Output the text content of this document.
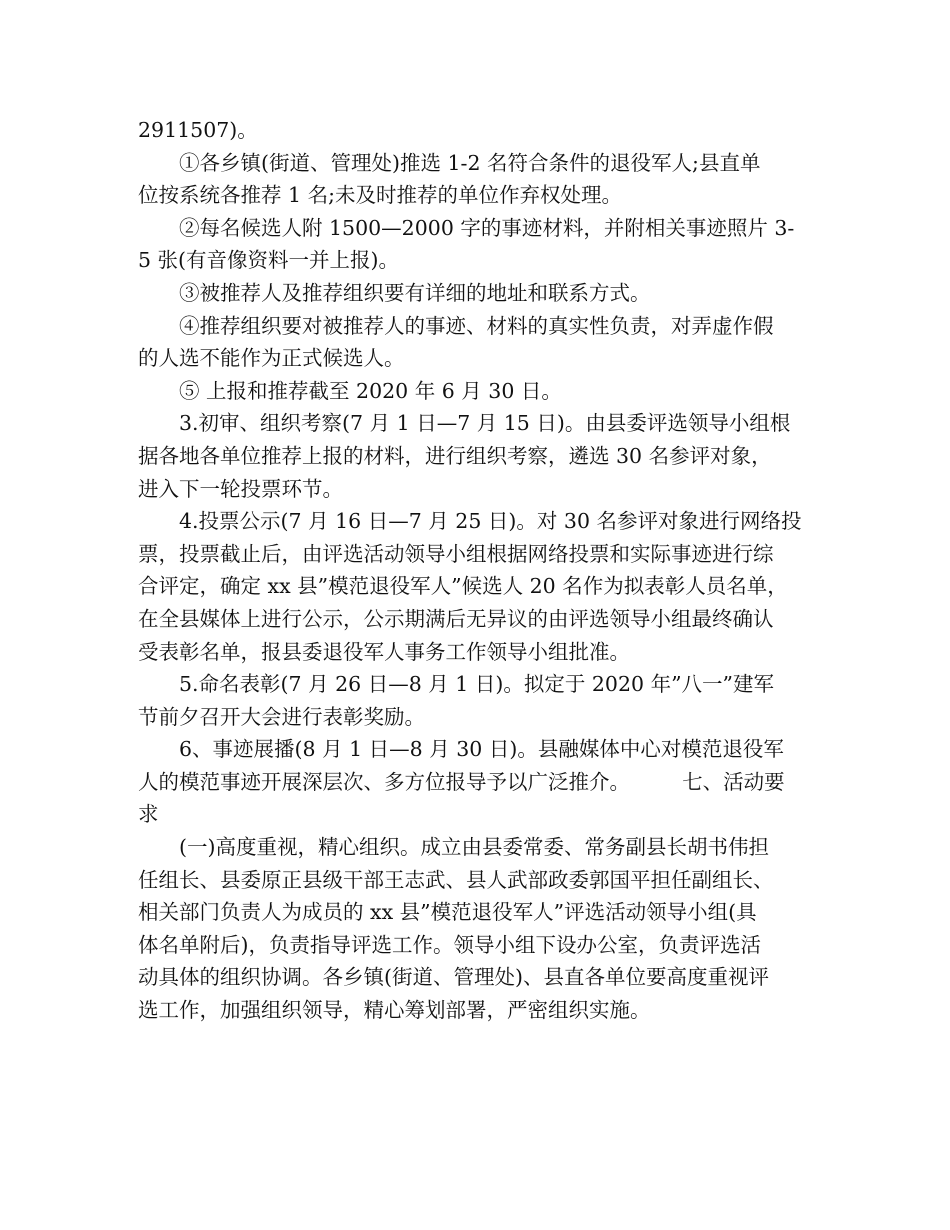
2911507)。
①各乡镇(街道、管理处)推选 1-2 名符合条件的退役军人;县直单
位按系统各推荐 1 名;未及时推荐的单位作弃权处理。
②每名候选人附 1500—2000 字的事迹材料，并附相关事迹照片 3-
5 张(有音像资料一并上报)。
③被推荐人及推荐组织要有详细的地址和联系方式。
④推荐组织要对被推荐人的事迹、材料的真实性负责，对弄虚作假
的人选不能作为正式候选人。
⑤ 上报和推荐截至 2020 年 6 月 30 日。
3.初审、组织考察(7 月 1 日—7 月 15 日)。由县委评选领导小组根
据各地各单位推荐上报的材料，进行组织考察，遴选 30 名参评对象，
进入下一轮投票环节。
4.投票公示(7 月 16 日—7 月 25 日)。对 30 名参评对象进行网络投
票，投票截止后，由评选活动领导小组根据网络投票和实际事迹进行综
合评定，确定 xx 县”模范退役军人”候选人 20 名作为拟表彰人员名单，
在全县媒体上进行公示，公示期满后无异议的由评选领导小组最终确认
受表彰名单，报县委退役军人事务工作领导小组批准。
5.命名表彰(7 月 26 日—8 月 1 日)。拟定于 2020 年”八一”建军
节前夕召开大会进行表彰奖励。
6、事迹展播(8 月 1 日—8 月 30 日)。县融媒体中心对模范退役军
人的模范事迹开展深层次、多方位报导予以广泛推介。        七、活动要
求
(一)高度重视，精心组织。成立由县委常委、常务副县长胡书伟担
任组长、县委原正县级干部王志武、县人武部政委郭国平担任副组长、
相关部门负责人为成员的 xx 县”模范退役军人”评选活动领导小组(具
体名单附后)，负责指导评选工作。领导小组下设办公室，负责评选活
动具体的组织协调。各乡镇(街道、管理处)、县直各单位要高度重视评
选工作，加强组织领导，精心筹划部署，严密组织实施。
